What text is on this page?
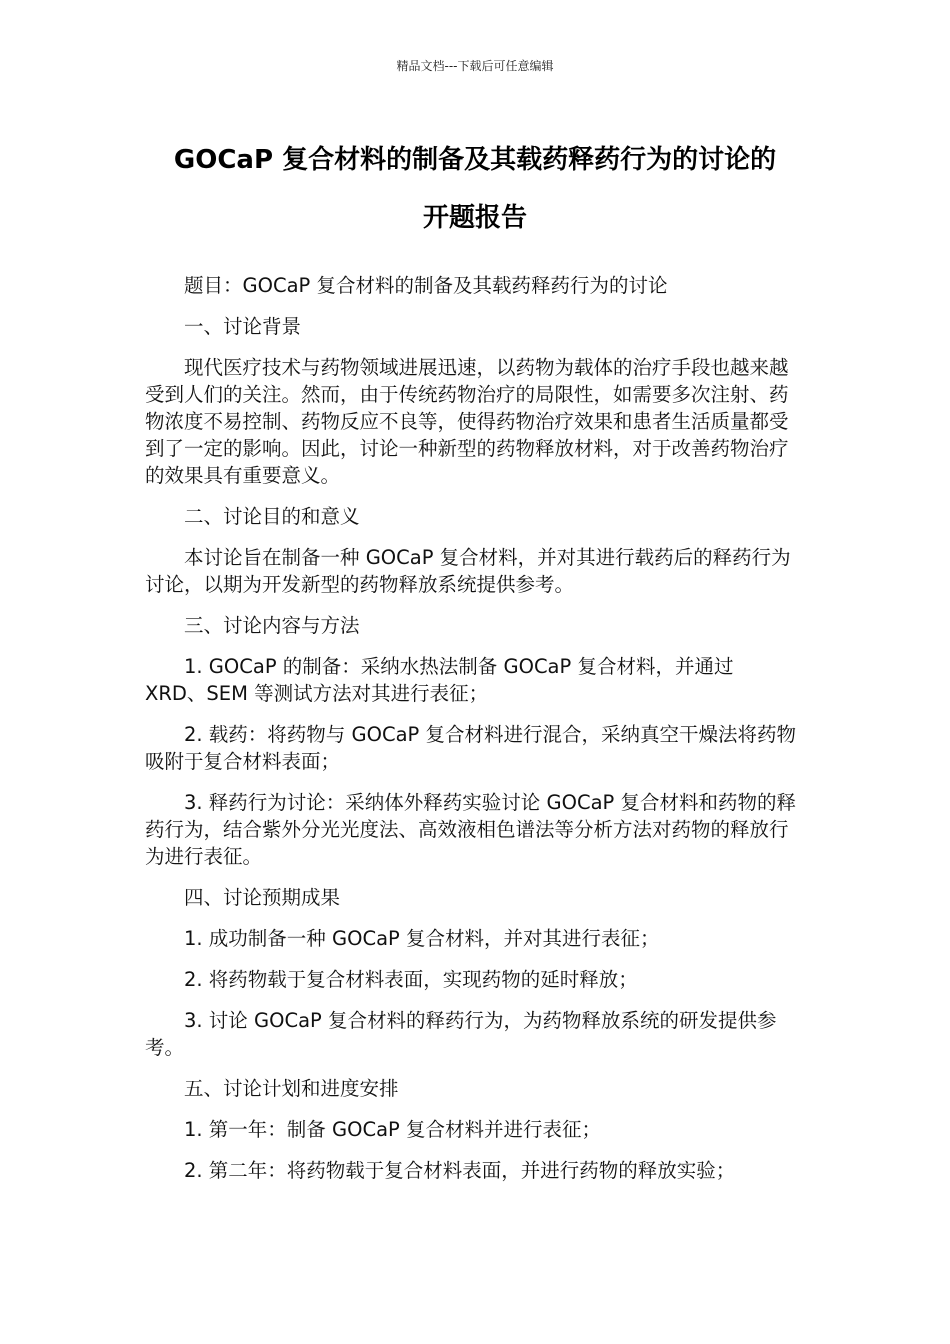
精品文档---下载后可任意编辑
GOCaP 复合材料的制备及其载药释药行为的讨论的
开题报告

题目：GOCaP 复合材料的制备及其载药释药行为的讨论

一、讨论背景

现代医疗技术与药物领域进展迅速，以药物为载体的治疗手段也越来越受到人们的关注。然而，由于传统药物治疗的局限性，如需要多次注射、药物浓度不易控制、药物反应不良等，使得药物治疗效果和患者生活质量都受到了一定的影响。因此，讨论一种新型的药物释放材料，对于改善药物治疗的效果具有重要意义。

二、讨论目的和意义

本讨论旨在制备一种 GOCaP 复合材料，并对其进行载药后的释药行为讨论，以期为开发新型的药物释放系统提供参考。

三、讨论内容与方法

1. GOCaP 的制备：采纳水热法制备 GOCaP 复合材料，并通过 XRD、SEM 等测试方法对其进行表征；

2. 载药：将药物与 GOCaP 复合材料进行混合，采纳真空干燥法将药物吸附于复合材料表面；

3. 释药行为讨论：采纳体外释药实验讨论 GOCaP 复合材料和药物的释药行为，结合紫外分光光度法、高效液相色谱法等分析方法对药物的释放行为进行表征。

四、讨论预期成果

1. 成功制备一种 GOCaP 复合材料，并对其进行表征；

2. 将药物载于复合材料表面，实现药物的延时释放；

3. 讨论 GOCaP 复合材料的释药行为，为药物释放系统的研发提供参考。

五、讨论计划和进度安排

1. 第一年：制备 GOCaP 复合材料并进行表征；

2. 第二年：将药物载于复合材料表面，并进行药物的释放实验；
